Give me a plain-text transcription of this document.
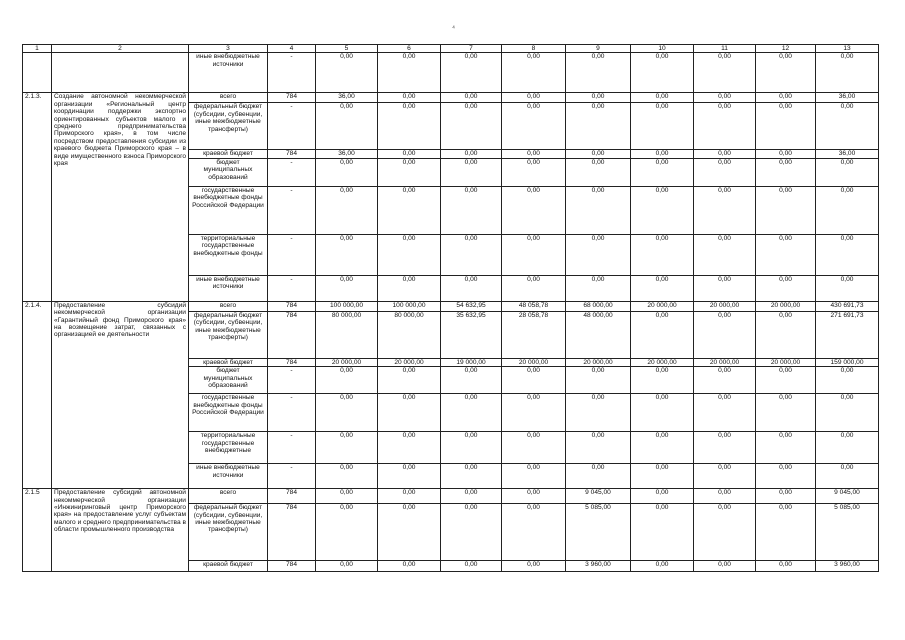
⁴
1	2	3	4	5	6	7	8	9	10	11	12	13
		иные внебюджетные источники	-	0,00	0,00	0,00	0,00	0,00	0,00	0,00	0,00	0,00
2.1.3.	Создание автономной некоммерческой организации «Региональный центр координации поддержки экспортно ориентированных субъектов малого и среднего предпринимательства Приморского края», в том числе посредством предоставления субсидии из краевого бюджета Приморского края – в виде имущественного взноса Приморского края	всего	784	36,00	0,00	0,00	0,00	0,00	0,00	0,00	0,00	36,00
		федеральный бюджет (субсидии, субвенции, иные межбюджетные трансферты)	-	0,00	0,00	0,00	0,00	0,00	0,00	0,00	0,00	0,00
		краевой бюджет	784	36,00	0,00	0,00	0,00	0,00	0,00	0,00	0,00	36,00
		бюджет муниципальных образований	-	0,00	0,00	0,00	0,00	0,00	0,00	0,00	0,00	0,00
		государственные внебюджетные фонды Российской Федерации	-	0,00	0,00	0,00	0,00	0,00	0,00	0,00	0,00	0,00
		территориальные государственные внебюджетные фонды	-	0,00	0,00	0,00	0,00	0,00	0,00	0,00	0,00	0,00
		иные внебюджетные источники	-	0,00	0,00	0,00	0,00	0,00	0,00	0,00	0,00	0,00
2.1.4.	Предоставление субсидий некоммерческой организации «Гарантийный фонд Приморского края» на возмещение затрат, связанных с организацией ее деятельности	всего	784	100 000,00	100 000,00	54 632,95	48 058,78	68 000,00	20 000,00	20 000,00	20 000,00	430 691,73
		федеральный бюджет (субсидии, субвенции, иные межбюджетные трансферты)	784	80 000,00	80 000,00	35 632,95	28 058,78	48 000,00	0,00	0,00	0,00	271 691,73
		краевой бюджет	784	20 000,00	20 000,00	19 000,00	20 000,00	20 000,00	20 000,00	20 000,00	20 000,00	159 000,00
		бюджет муниципальных образований	-	0,00	0,00	0,00	0,00	0,00	0,00	0,00	0,00	0,00
		государственные внебюджетные фонды Российской Федерации	-	0,00	0,00	0,00	0,00	0,00	0,00	0,00	0,00	0,00
		территориальные государственные внебюджетные	-	0,00	0,00	0,00	0,00	0,00	0,00	0,00	0,00	0,00
		иные внебюджетные источники	-	0,00	0,00	0,00	0,00	0,00	0,00	0,00	0,00	0,00
2.1.5	Предоставление субсидий автономной некоммерческой организации «Инжиниринговый центр Приморского края» на предоставление услуг субъектам малого и среднего предпринимательства в области промышленного производства	всего	784	0,00	0,00	0,00	0,00	9 045,00	0,00	0,00	0,00	9 045,00
		федеральный бюджет (субсидии, субвенции, иные межбюджетные трансферты)	784	0,00	0,00	0,00	0,00	5 085,00	0,00	0,00	0,00	5 085,00
		краевой бюджет	784	0,00	0,00	0,00	0,00	3 960,00	0,00	0,00	0,00	3 960,00
